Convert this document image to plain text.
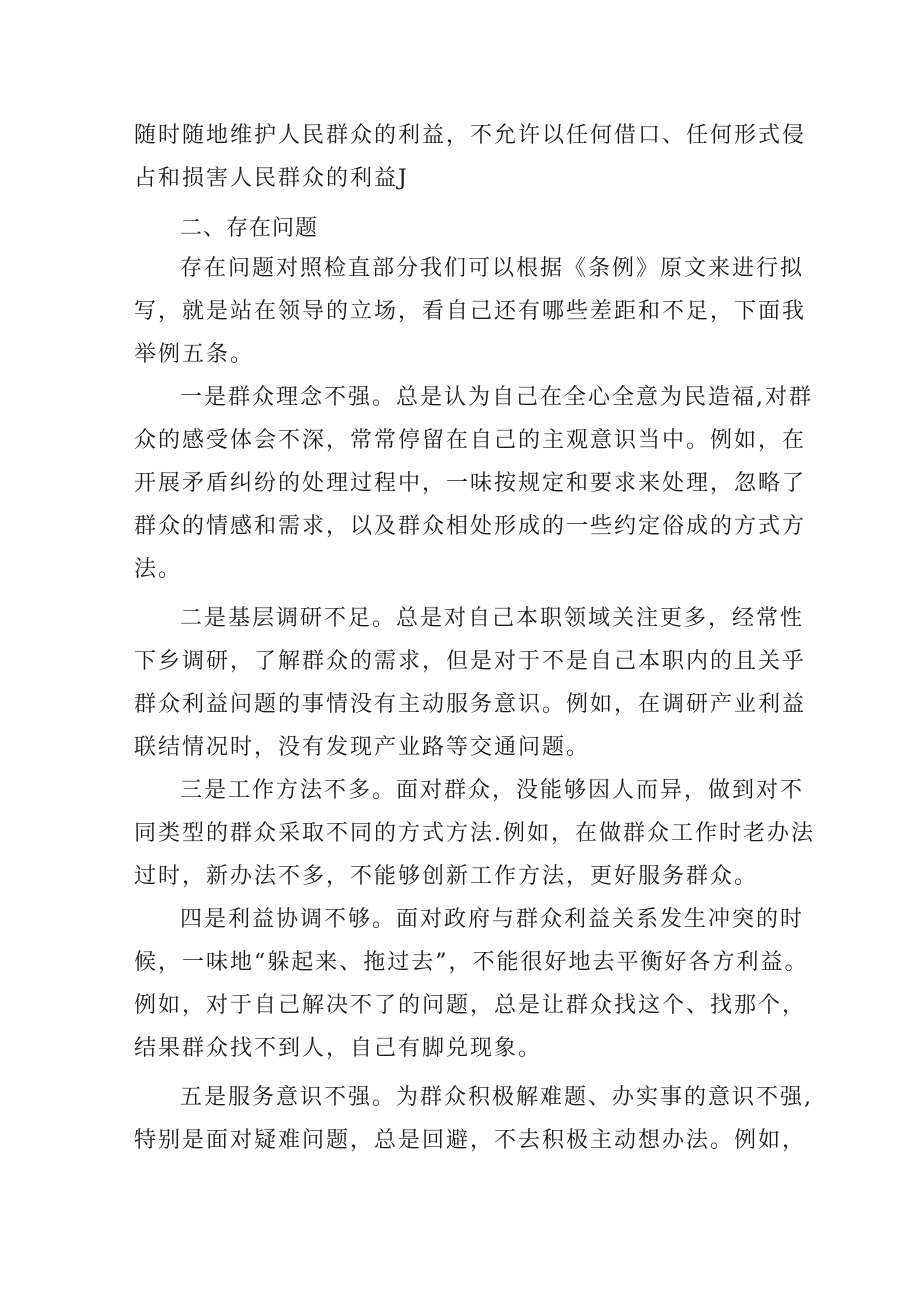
随时随地维护人民群众的利益，不允许以任何借口、任何形式侵
占和损害人民群众的利益J
二、存在问题
存在问题对照检直部分我们可以根据《条例》原文来进行拟
写，就是站在领导的立场，看自己还有哪些差距和不足，下面我
举例五条。
一是群众理念不强。总是认为自己在全心全意为民造福,对群
众的感受体会不深，常常停留在自己的主观意识当中。例如，在
开展矛盾纠纷的处理过程中，一味按规定和要求来处理，忽略了
群众的情感和需求，以及群众相处形成的一些约定俗成的方式方
法。
二是基层调研不足。总是对自己本职领域关注更多，经常性
下乡调研，了解群众的需求，但是对于不是自己本职内的且关乎
群众利益问题的事情没有主动服务意识。例如，在调研产业利益
联结情况时，没有发现产业路等交通问题。
三是工作方法不多。面对群众，没能够因人而异，做到对不
同类型的群众采取不同的方式方法.例如，在做群众工作时老办法
过时，新办法不多，不能够创新工作方法，更好服务群众。
四是利益协调不够。面对政府与群众利益关系发生冲突的时
候，一味地“躲起来、拖过去”，不能很好地去平衡好各方利益。
例如，对于自己解决不了的问题，总是让群众找这个、找那个，
结果群众找不到人，自己有脚兑现象。
五是服务意识不强。为群众积极解难题、办实事的意识不强,
特别是面对疑难问题，总是回避，不去积极主动想办法。例如，
